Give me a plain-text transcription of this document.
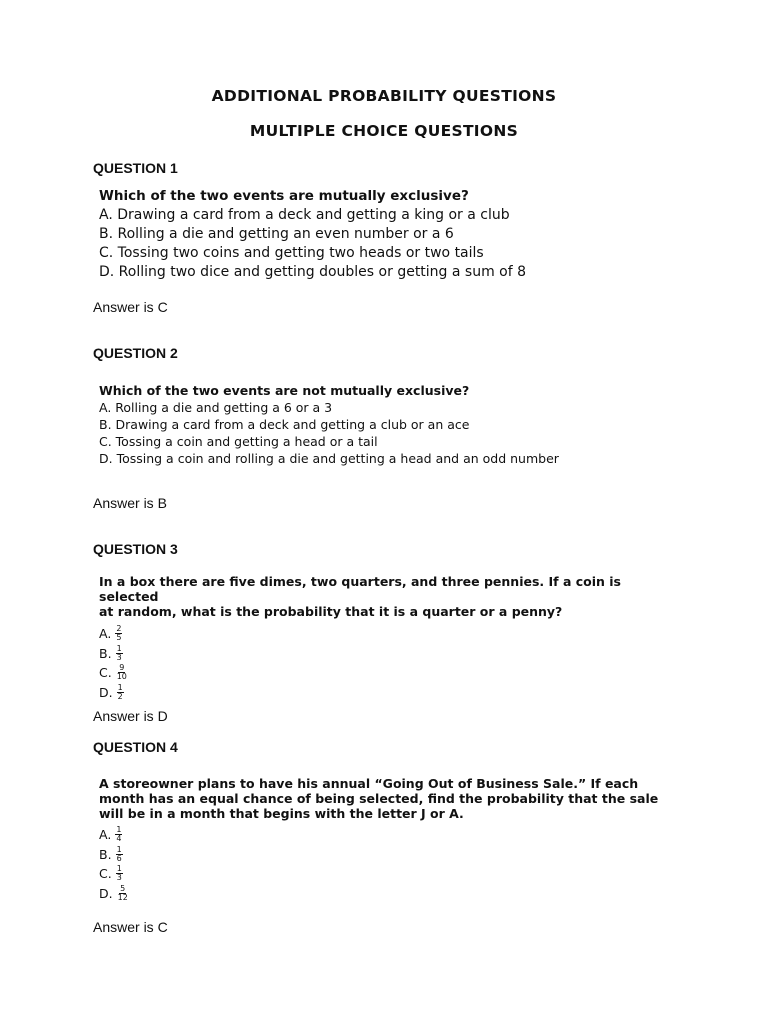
ADDITIONAL PROBABILITY QUESTIONS
MULTIPLE CHOICE QUESTIONS
QUESTION 1
Which of the two events are mutually exclusive?
A. Drawing a card from a deck and getting a king or a club
B. Rolling a die and getting an even number or a 6
C. Tossing two coins and getting two heads or two tails
D. Rolling two dice and getting doubles or getting a sum of 8
Answer is C
QUESTION 2
Which of the two events are not mutually exclusive?
A. Rolling a die and getting a 6 or a 3
B. Drawing a card from a deck and getting a club or an ace
C. Tossing a coin and getting a head or a tail
D. Tossing a coin and rolling a die and getting a head and an odd number
Answer is B
QUESTION 3
In a box there are five dimes, two quarters, and three pennies. If a coin is selected
at random, what is the probability that it is a quarter or a penny?
A. $\frac{2}{5}$
B. $\frac{1}{3}$
C. $\frac{9}{10}$
D. $\frac{1}{2}$
Answer is D
QUESTION 4
A storeowner plans to have his annual “Going Out of Business Sale.” If each
month has an equal chance of being selected, find the probability that the sale
will be in a month that begins with the letter J or A.
A. $\frac{1}{4}$
B. $\frac{1}{6}$
C. $\frac{1}{3}$
D. $\frac{5}{12}$
Answer is C
